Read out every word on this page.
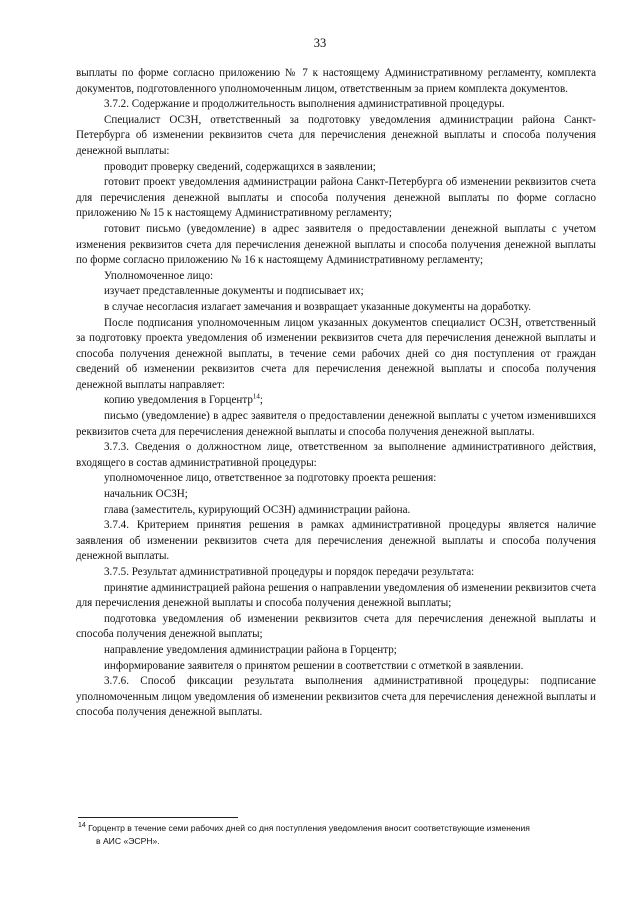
33

выплаты по форме согласно приложению № 7 к настоящему Административному регламенту, комплекта документов, подготовленного уполномоченным лицом, ответственным за прием комплекта документов.

3.7.2. Содержание и продолжительность выполнения административной процедуры.

Специалист ОСЗН, ответственный за подготовку уведомления администрации района Санкт-Петербурга об изменении реквизитов счета для перечисления денежной выплаты и способа получения денежной выплаты:

проводит проверку сведений, содержащихся в заявлении;

готовит проект уведомления администрации района Санкт-Петербурга об изменении реквизитов счета для перечисления денежной выплаты и способа получения денежной выплаты по форме согласно приложению № 15 к настоящему Административному регламенту;

готовит письмо (уведомление) в адрес заявителя о предоставлении денежной выплаты с учетом изменения реквизитов счета для перечисления денежной выплаты и способа получения денежной выплаты по форме согласно приложению № 16 к настоящему Административному регламенту;

Уполномоченное лицо:

изучает представленные документы и подписывает их;

в случае несогласия излагает замечания и возвращает указанные документы на доработку.

После подписания уполномоченным лицом указанных документов специалист ОСЗН, ответственный за подготовку проекта уведомления об изменении реквизитов счета для перечисления денежной выплаты и способа получения денежной выплаты, в течение семи рабочих дней со дня поступления от граждан сведений об изменении реквизитов счета для перечисления денежной выплаты и способа получения денежной выплаты направляет:

копию уведомления в Горцентр$^{14}$;

письмо (уведомление) в адрес заявителя о предоставлении денежной выплаты с учетом изменившихся реквизитов счета для перечисления денежной выплаты и способа получения денежной выплаты.

3.7.3. Сведения о должностном лице, ответственном за выполнение административного действия, входящего в состав административной процедуры:

уполномоченное лицо, ответственное за подготовку проекта решения:

начальник ОСЗН;

глава (заместитель, курирующий ОСЗН) администрации района.

3.7.4. Критерием принятия решения в рамках административной процедуры является наличие заявления об изменении реквизитов счета для перечисления денежной выплаты и способа получения денежной выплаты.

3.7.5. Результат административной процедуры и порядок передачи результата:

принятие администрацией района решения о направлении уведомления об изменении реквизитов счета для перечисления денежной выплаты и способа получения денежной выплаты;

подготовка уведомления об изменении реквизитов счета для перечисления денежной выплаты и способа получения денежной выплаты;

направление уведомления администрации района в Горцентр;

информирование заявителя о принятом решении в соответствии с отметкой в заявлении.

3.7.6. Способ фиксации результата выполнения административной процедуры: подписание уполномоченным лицом уведомления об изменении реквизитов счета для перечисления денежной выплаты и способа получения денежной выплаты.

$^{14}$ Горцентр в течение семи рабочих дней со дня поступления уведомления вносит соответствующие изменения
в АИС «ЭСРН».
